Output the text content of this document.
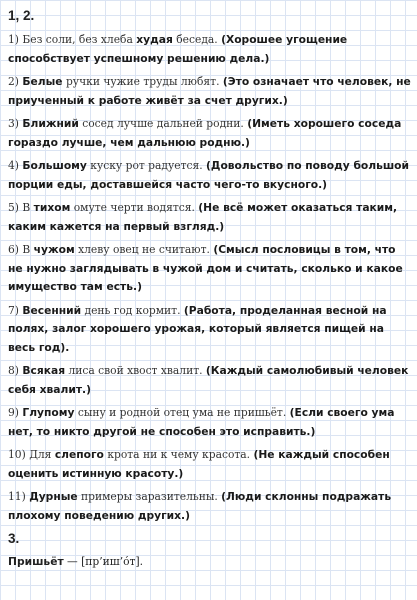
1, 2.
1) Без соли, без хлеба худая беседа. (Хорошее угощение способствует успешному решению дела.)
2) Белые ручки чужие труды любят. (Это означает что человек, не приученный к работе живёт за счет других.)
3) Ближний сосед лучше дальней родни. (Иметь хорошего соседа гораздо лучше, чем дальнюю родню.)
4) Большому куску рот радуется. (Довольство по поводу большой порции еды, доставшейся часто чего-то вкусного.)
5) В тихом омуте черти водятся. (Не всё может оказаться таким, каким кажется на первый взгляд.)
6) В чужом хлеву овец не считают. (Смысл пословицы в том, что не нужно заглядывать в чужой дом и считать, сколько и какое имущество там есть.)
7) Весенний день год кормит. (Работа, проделанная весной на полях, залог хорошего урожая, который является пищей на весь год).
8) Всякая лиса свой хвост хвалит. (Каждый самолюбивый человек себя хвалит.)
9) Глупому сыну и родной отец ума не пришьёт. (Если своего ума нет, то никто другой не способен это исправить.)
10) Для слепого крота ни к чему красота. (Не каждый способен оценить истинную красоту.)
11) Дурные примеры заразительны. (Люди склонны подражать плохому поведению других.)
3.

Пришьёт — [пр’иш’о́т].
